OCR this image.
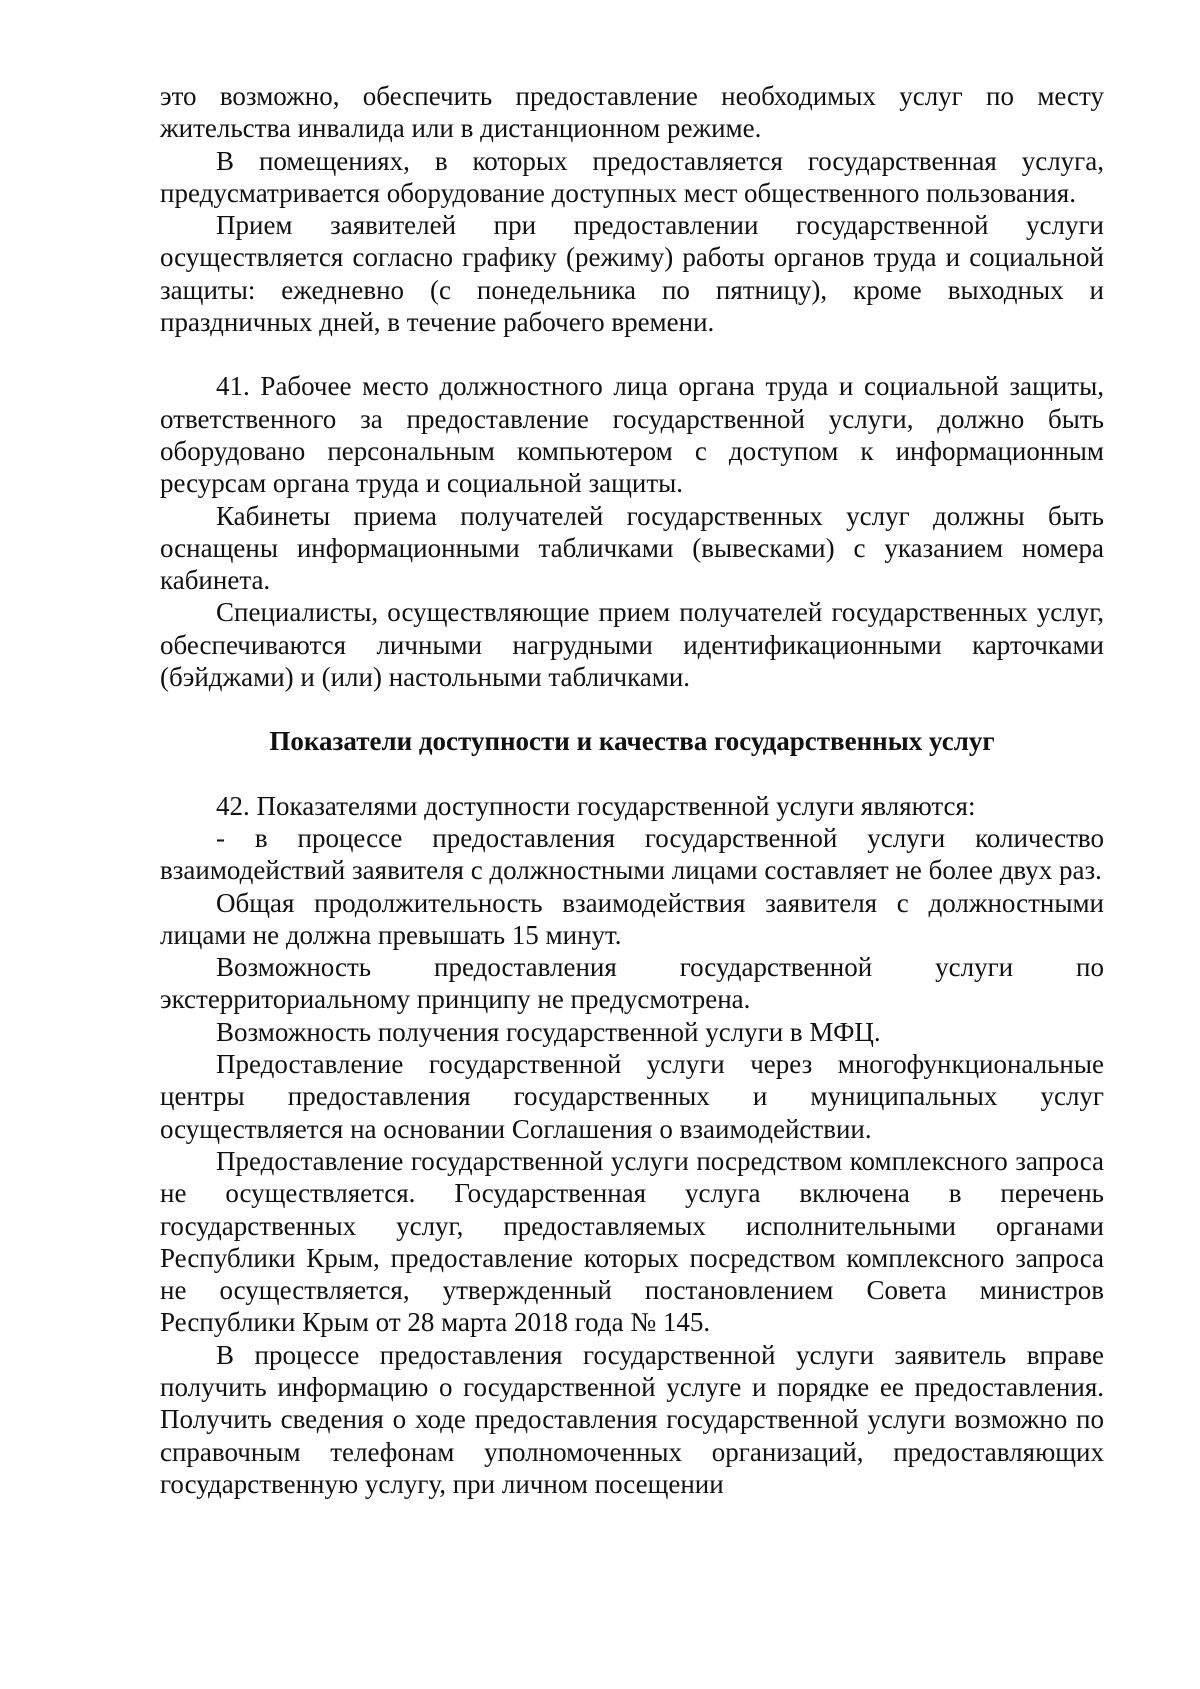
это возможно, обеспечить предоставление необходимых услуг по месту жительства инвалида или в дистанционном режиме.

В помещениях, в которых предоставляется государственная услуга, предусматривается оборудование доступных мест общественного пользования.

Прием заявителей при предоставлении государственной услуги осуществляется согласно графику (режиму) работы органов труда и социальной защиты: ежедневно (с понедельника по пятницу), кроме выходных и праздничных дней, в течение рабочего времени.

41. Рабочее место должностного лица органа труда и социальной защиты, ответственного за предоставление государственной услуги, должно быть оборудовано персональным компьютером с доступом к информационным ресурсам органа труда и социальной защиты.

Кабинеты приема получателей государственных услуг должны быть оснащены информационными табличками (вывесками) с указанием номера кабинета.

Специалисты, осуществляющие прием получателей государственных услуг, обеспечиваются личными нагрудными идентификационными карточками (бэйджами) и (или) настольными табличками.

Показатели доступности и качества государственных услуг

42. Показателями доступности государственной услуги являются:

- в процессе предоставления государственной услуги количество взаимодействий заявителя с должностными лицами составляет не более двух раз.

Общая продолжительность взаимодействия заявителя с должностными лицами не должна превышать 15 минут.

Возможность предоставления государственной услуги по экстерриториальному принципу не предусмотрена.

Возможность получения государственной услуги в МФЦ.

Предоставление государственной услуги через многофункциональные центры предоставления государственных и муниципальных услуг осуществляется на основании Соглашения о взаимодействии.

Предоставление государственной услуги посредством комплексного запроса не осуществляется. Государственная услуга включена в перечень государственных услуг, предоставляемых исполнительными органами Республики Крым, предоставление которых посредством комплексного запроса не осуществляется, утвержденный постановлением Совета министров Республики Крым от 28 марта 2018 года № 145.

В процессе предоставления государственной услуги заявитель вправе получить информацию о государственной услуге и порядке ее предоставления. Получить сведения о ходе предоставления государственной услуги возможно по справочным телефонам уполномоченных организаций, предоставляющих государственную услугу, при личном посещении
